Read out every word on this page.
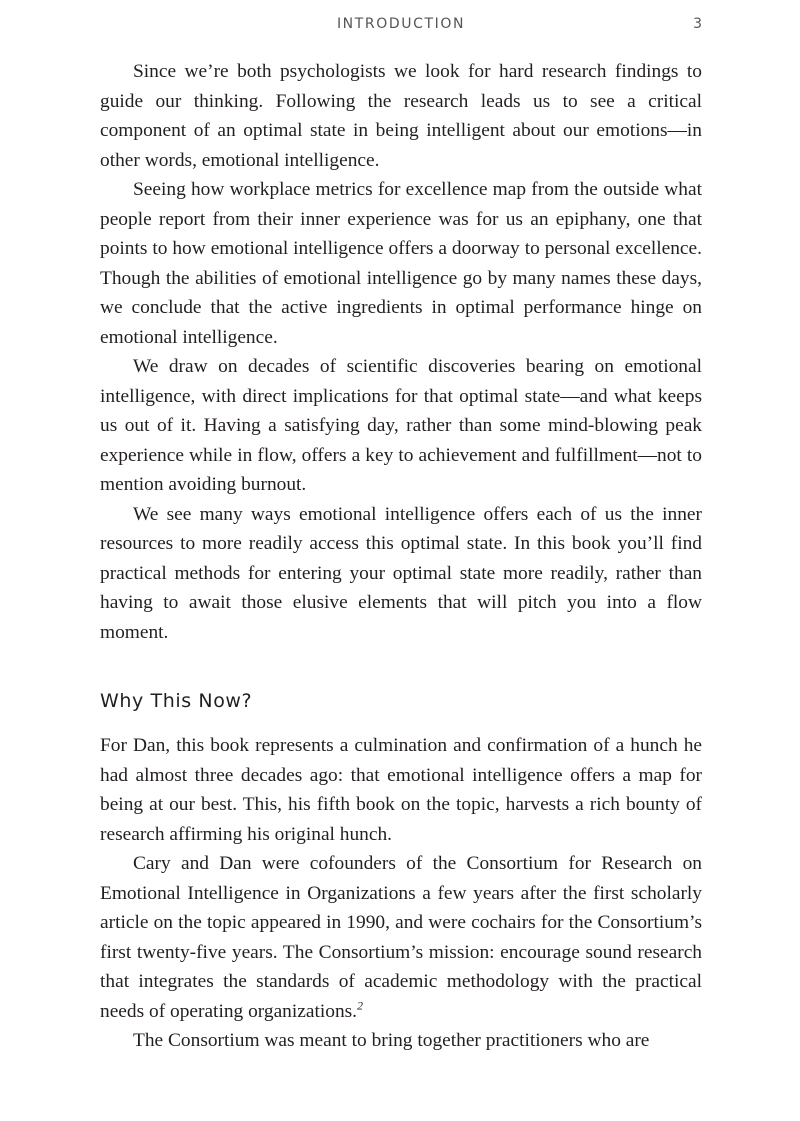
INTRODUCTION	3

Since we’re both psychologists we look for hard research findings to guide our thinking. Following the research leads us to see a critical component of an optimal state in being intelligent about our emotions—in other words, emotional intelligence.

Seeing how workplace metrics for excellence map from the outside what people report from their inner experience was for us an epiphany, one that points to how emotional intelligence offers a doorway to personal excellence. Though the abilities of emotional intelligence go by many names these days, we conclude that the active ingredients in optimal performance hinge on emotional intelligence.

We draw on decades of scientific discoveries bearing on emotional intelligence, with direct implications for that optimal state—and what keeps us out of it. Having a satisfying day, rather than some mind-blowing peak experience while in flow, offers a key to achievement and fulfillment—not to mention avoiding burnout.

We see many ways emotional intelligence offers each of us the inner resources to more readily access this optimal state. In this book you’ll find practical methods for entering your optimal state more readily, rather than having to await those elusive elements that will pitch you into a flow moment.

Why This Now?

For Dan, this book represents a culmination and confirmation of a hunch he had almost three decades ago: that emotional intelligence offers a map for being at our best. This, his fifth book on the topic, harvests a rich bounty of research affirming his original hunch.

Cary and Dan were cofounders of the Consortium for Research on Emotional Intelligence in Organizations a few years after the first scholarly article on the topic appeared in 1990, and were cochairs for the Consortium’s first twenty-five years. The Consortium’s mission: encourage sound research that integrates the standards of academic methodology with the practical needs of operating organizations.$^2$

The Consortium was meant to bring together practitioners who are
